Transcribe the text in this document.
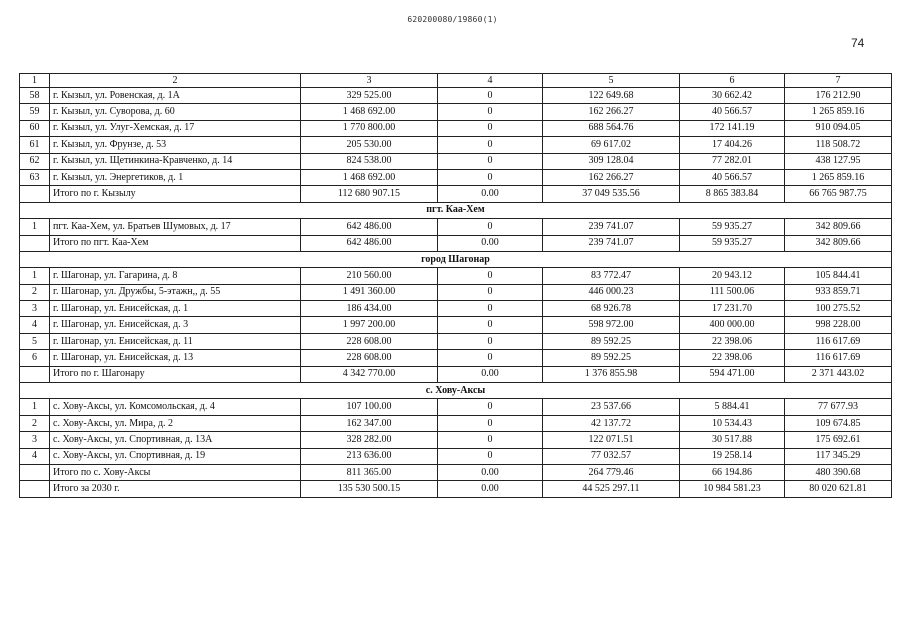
620200080/19860(1)
74
1	2	3	4	5	6	7
58	г. Кызыл, ул. Ровенская, д. 1А	329 525.00	0	122 649.68	30 662.42	176 212.90
59	г. Кызыл, ул. Суворова, д. 60	1 468 692.00	0	162 266.27	40 566.57	1 265 859.16
60	г. Кызыл, ул. Улуг-Хемская, д. 17	1 770 800.00	0	688 564.76	172 141.19	910 094.05
61	г. Кызыл, ул. Фрунзе, д. 53	205 530.00	0	69 617.02	17 404.26	118 508.72
62	г. Кызыл, ул. Щетинкина-Кравченко, д. 14	824 538.00	0	309 128.04	77 282.01	438 127.95
63	г. Кызыл, ул. Энергетиков, д. 1	1 468 692.00	0	162 266.27	40 566.57	1 265 859.16
	Итого по г. Кызылу	112 680 907.15	0.00	37 049 535.56	8 865 383.84	66 765 987.75
пгт. Каа-Хем						
1	пгт. Каа-Хем, ул. Братьев Шумовых, д. 17	642 486.00	0	239 741.07	59 935.27	342 809.66
	Итого по пгт. Каа-Хем	642 486.00	0.00	239 741.07	59 935.27	342 809.66
город Шагонар						
1	г. Шагонар, ул. Гагарина, д. 8	210 560.00	0	83 772.47	20 943.12	105 844.41
2	г. Шагонар, ул. Дружбы, 5-этажн,, д. 55	1 491 360.00	0	446 000.23	111 500.06	933 859.71
3	г. Шагонар, ул. Енисейская, д. 1	186 434.00	0	68 926.78	17 231.70	100 275.52
4	г. Шагонар, ул. Енисейская, д. 3	1 997 200.00	0	598 972.00	400 000.00	998 228.00
5	г. Шагонар, ул. Енисейская, д. 11	228 608.00	0	89 592.25	22 398.06	116 617.69
6	г. Шагонар, ул. Енисейская, д. 13	228 608.00	0	89 592.25	22 398.06	116 617.69
	Итого по г. Шагонару	4 342 770.00	0.00	1 376 855.98	594 471.00	2 371 443.02
с. Хову-Аксы						
1	с. Хову-Аксы, ул. Комсомольская, д. 4	107 100.00	0	23 537.66	5 884.41	77 677.93
2	с. Хову-Аксы, ул. Мира, д. 2	162 347.00	0	42 137.72	10 534.43	109 674.85
3	с. Хову-Аксы, ул. Спортивная, д. 13А	328 282.00	0	122 071.51	30 517.88	175 692.61
4	с. Хову-Аксы, ул. Спортивная, д. 19	213 636.00	0	77 032.57	19 258.14	117 345.29
	Итого по с. Хову-Аксы	811 365.00	0.00	264 779.46	66 194.86	480 390.68
	Итого за 2030 г.	135 530 500.15	0.00	44 525 297.11	10 984 581.23	80 020 621.81
